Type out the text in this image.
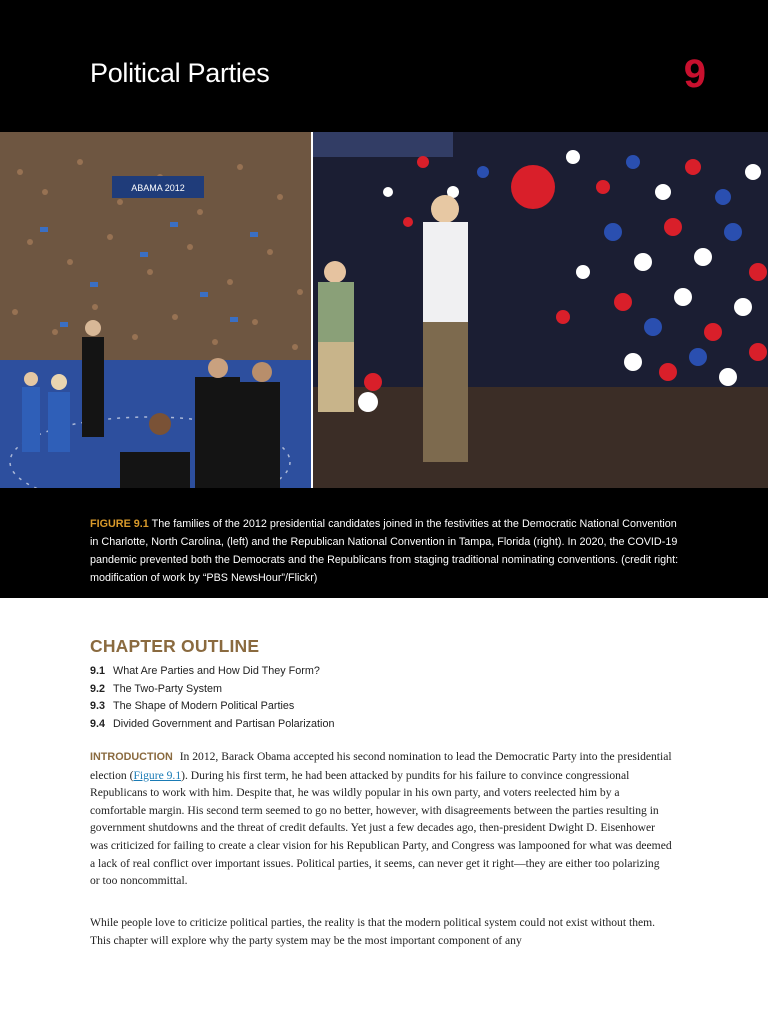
Political Parties	9
ABAMA 2012

FIGURE 9.1 The families of the 2012 presidential candidates joined in the festivities at the Democratic National Convention in Charlotte, North Carolina, (left) and the Republican National Convention in Tampa, Florida (right). In 2020, the COVID-19 pandemic prevented both the Democrats and the Republicans from staging traditional nominating conventions. (credit right: modification of work by “PBS NewsHour”/Flickr)

CHAPTER OUTLINE
9.1 What Are Parties and How Did They Form?
9.2 The Two-Party System
9.3 The Shape of Modern Political Parties
9.4 Divided Government and Partisan Polarization

INTRODUCTION In 2012, Barack Obama accepted his second nomination to lead the Democratic Party into the presidential election (Figure 9.1). During his first term, he had been attacked by pundits for his failure to convince congressional Republicans to work with him. Despite that, he was wildly popular in his own party, and voters reelected him by a comfortable margin. His second term seemed to go no better, however, with disagreements between the parties resulting in government shutdowns and the threat of credit defaults. Yet just a few decades ago, then-president Dwight D. Eisenhower was criticized for failing to create a clear vision for his Republican Party, and Congress was lampooned for what was deemed a lack of real conflict over important issues. Political parties, it seems, can never get it right—they are either too polarizing or too noncommittal.

While people love to criticize political parties, the reality is that the modern political system could not exist without them. This chapter will explore why the party system may be the most important component of any
